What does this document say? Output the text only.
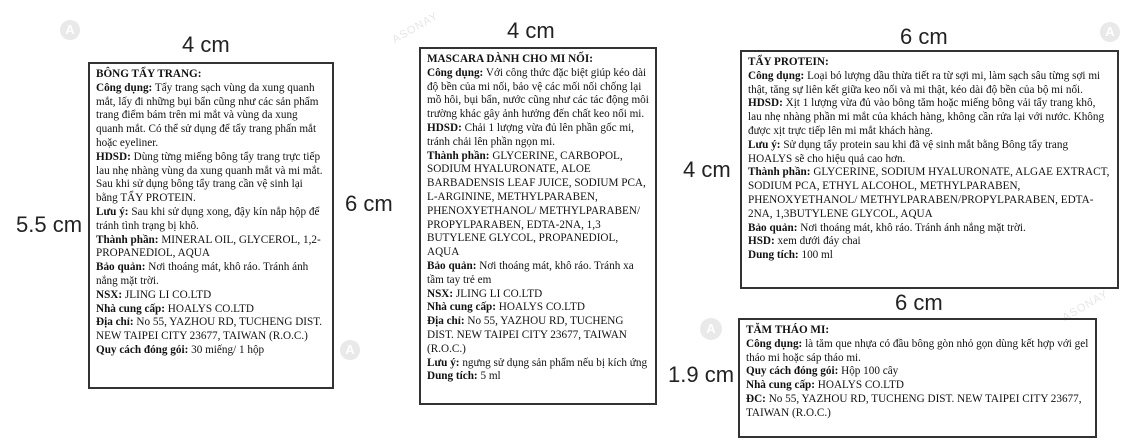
A
A
A
A
ASONAY
ASONAY
4 cm
5.5 cm
4 cm
6 cm
6 cm
4 cm
6 cm
1.9 cm
BÔNG TẨY TRANG:

Công dụng: Tẩy trang sạch vùng da xung quanh mắt, lấy đi những bụi bẩn cũng như các sản phẩm trang điểm bám trên mi mắt và vùng da xung quanh mắt. Có thể sử dụng để tẩy trang phấn mắt hoặc eyeliner.

HDSD: Dùng từng miếng bông tẩy trang trực tiếp lau nhẹ nhàng vùng da xung quanh mắt và mi mắt. Sau khi sử dụng bông tẩy trang cần vệ sinh lại bằng TẨY PROTEIN.

Lưu ý: Sau khi sử dụng xong, đậy kín nắp hộp để tránh tình trạng bị khô.

Thành phần: MINERAL OIL, GLYCEROL, 1,2-PROPANEDIOL, AQUA

Bảo quản: Nơi thoáng mát, khô ráo. Tránh ánh nắng mặt trời.

NSX: JLING LI CO.LTD

Nhà cung cấp: HOALYS CO.LTD

Địa chỉ: No 55, YAZHOU RD, TUCHENG DIST. NEW TAIPEI CITY 23677, TAIWAN (R.O.C.)

Quy cách đóng gói: 30 miếng/ 1 hộp

MASCARA DÀNH CHO MI NỐI:

Công dụng: Với công thức đặc biệt giúp kéo dài độ bền của mi nối, bảo vệ các mối nối chống lại mồ hôi, bụi bẩn, nước cũng như các tác động môi trường khác gây ảnh hưởng đến chất keo nối mi.

HDSD: Chải 1 lượng vừa đủ lên phần gốc mi, tránh chải lên phần ngọn mi.

Thành phần: GLYCERINE, CARBOPOL, SODIUM HYALURONATE, ALOE BARBADENSIS LEAF JUICE, SODIUM PCA, L-ARGININE, METHYLPARABEN, PHENOXYETHANOL/ METHYLPARABEN/ PROPYLPARABEN, EDTA-2NA, 1,3 BUTYLENE GLYCOL, PROPANEDIOL, AQUA

Bảo quản: Nơi thoáng mát, khô ráo. Tránh xa tầm tay trẻ em

NSX: JLING LI CO.LTD

Nhà cung cấp: HOALYS CO.LTD

Địa chỉ: No 55, YAZHOU RD, TUCHENG DIST. NEW TAIPEI CITY 23677, TAIWAN (R.O.C.)

Lưu ý: ngưng sử dụng sản phẩm nếu bị kích ứng

Dung tích: 5 ml

TẨY PROTEIN:

Công dụng: Loại bỏ lượng dầu thừa tiết ra từ sợi mi, làm sạch sâu từng sợi mi thật, tăng sự liên kết giữa keo nối và mi thật, kéo dài độ bền của bộ mi nối.

HDSD: Xịt 1 lượng vừa đủ vào bông tăm hoặc miếng bông vải tẩy trang khô, lau nhẹ nhàng phần mi mắt của khách hàng, không cần rửa lại với nước. Không được xịt trực tiếp lên mi mắt khách hàng.

Lưu ý: Sử dụng tẩy protein sau khi đã vệ sinh mắt bằng Bông tẩy trang HOALYS sẽ cho hiệu quả cao hơn.

Thành phần: GLYCERINE, SODIUM HYALURONATE, ALGAE EXTRACT, SODIUM PCA, ETHYL ALCOHOL, METHYLPARABEN, PHENOXYETHANOL/ METHYLPARABEN/PROPYLPARABEN, EDTA-2NA, 1,3BUTYLENE GLYCOL, AQUA

Bảo quản: Nơi thoáng mát, khô ráo. Tránh ánh nắng mặt trời.

HSD: xem dưới đáy chai

Dung tích: 100 ml

TĂM THÁO MI:

Công dụng: là tăm que nhựa có đầu bông gòn nhỏ gọn dùng kết hợp với gel tháo mi hoặc sáp tháo mi.

Quy cách đóng gói: Hộp 100 cây

Nhà cung cấp: HOALYS CO.LTD

ĐC: No 55, YAZHOU RD, TUCHENG DIST. NEW TAIPEI CITY 23677, TAIWAN (R.O.C.)
